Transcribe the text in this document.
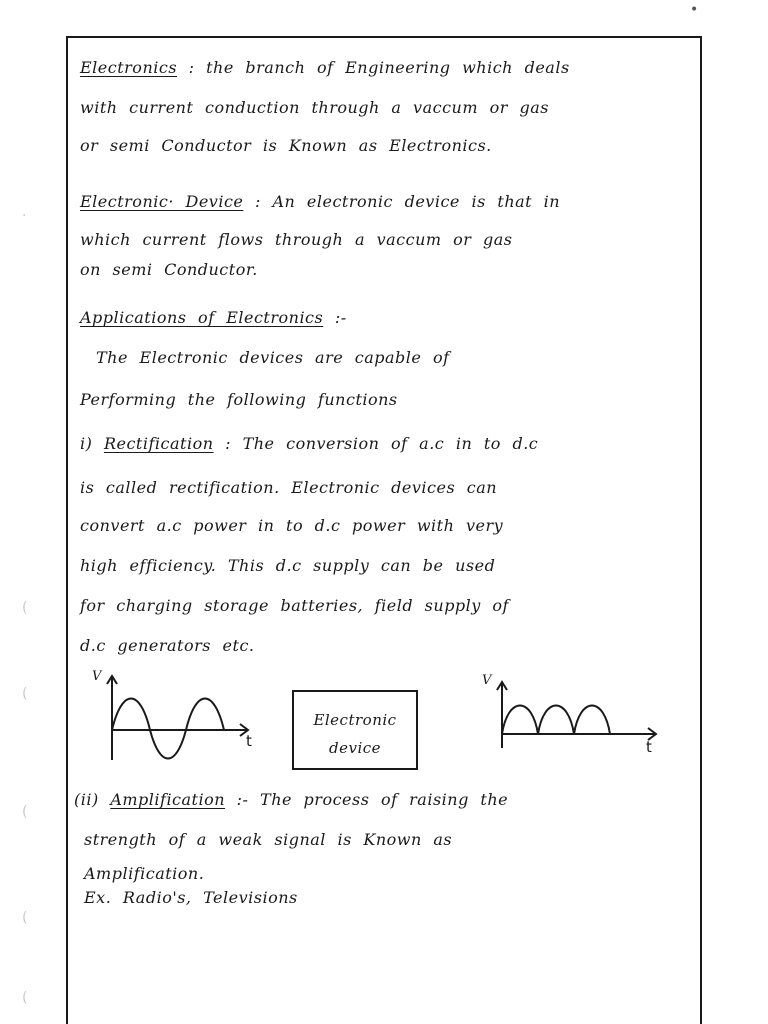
•
·
(
(
(
(
(
Electronics : the branch of Engineering which deals
with current conduction through a vaccum or gas
or semi Conductor is Known as Electronics.
Electronic· Device : An electronic device is that in
which current flows through a vaccum or gas
on semi Conductor.
Applications of Electronics :-
The Electronic devices are capable of
Performing the following functions
i) Rectification : The conversion of a.c in to d.c
is called rectification. Electronic devices can
convert a.c power in to d.c power with very
high efficiency. This d.c supply can be used
for charging storage batteries, field supply of
d.c generators etc.
V
t
Electronic
device
V
t
(ii) Amplification :- The process of raising the
strength of a weak signal is Known as
Amplification.
Ex. Radio's, Televisions
